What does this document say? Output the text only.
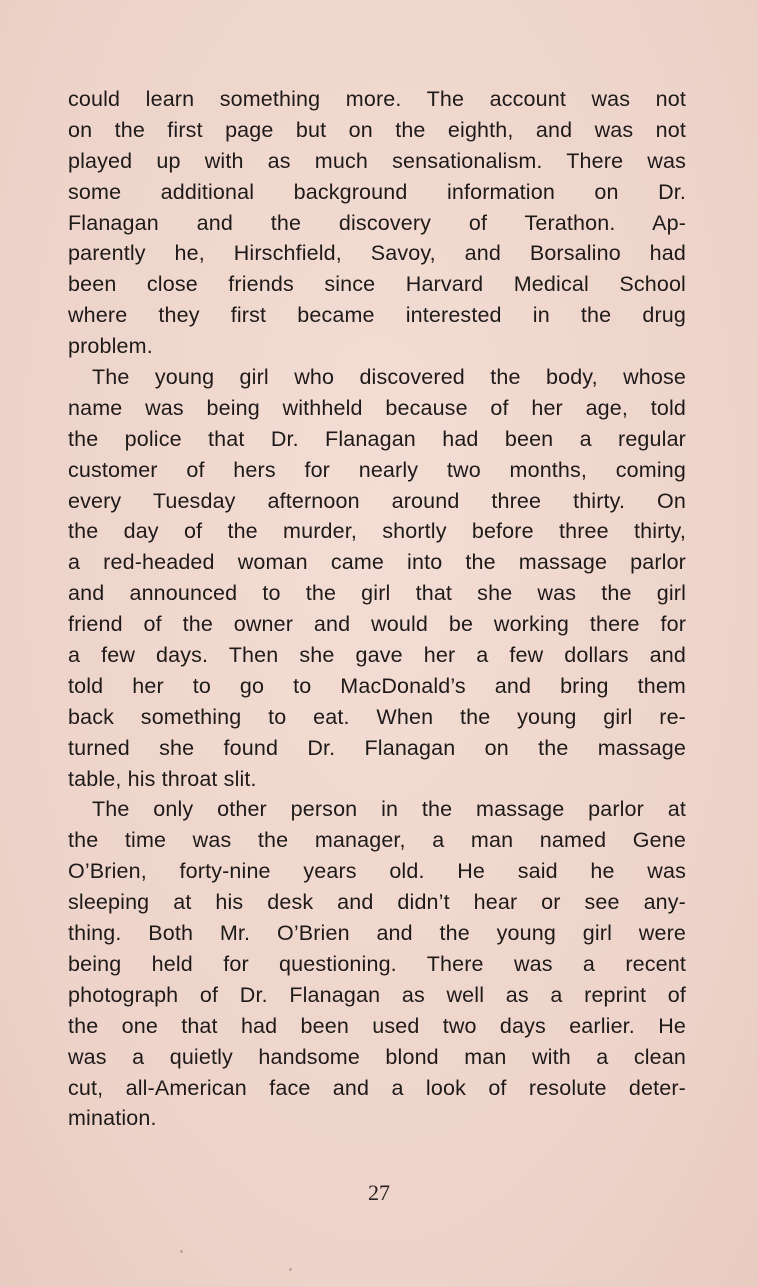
could learn something more. The account was not
on the first page but on the eighth, and was not
played up with as much sensationalism. There was
some additional background information on Dr.
Flanagan and the discovery of Terathon. Ap-
parently he, Hirschfield, Savoy, and Borsalino had
been close friends since Harvard Medical School
where they first became interested in the drug
problem.
The young girl who discovered the body, whose
name was being withheld because of her age, told
the police that Dr. Flanagan had been a regular
customer of hers for nearly two months, coming
every Tuesday afternoon around three thirty. On
the day of the murder, shortly before three thirty,
a red-headed woman came into the massage parlor
and announced to the girl that she was the girl
friend of the owner and would be working there for
a few days. Then she gave her a few dollars and
told her to go to MacDonald’s and bring them
back something to eat. When the young girl re-
turned she found Dr. Flanagan on the massage
table, his throat slit.
The only other person in the massage parlor at
the time was the manager, a man named Gene
O’Brien, forty-nine years old. He said he was
sleeping at his desk and didn’t hear or see any-
thing. Both Mr. O’Brien and the young girl were
being held for questioning. There was a recent
photograph of Dr. Flanagan as well as a reprint of
the one that had been used two days earlier. He
was a quietly handsome blond man with a clean
cut, all-American face and a look of resolute deter-
mination.
27
